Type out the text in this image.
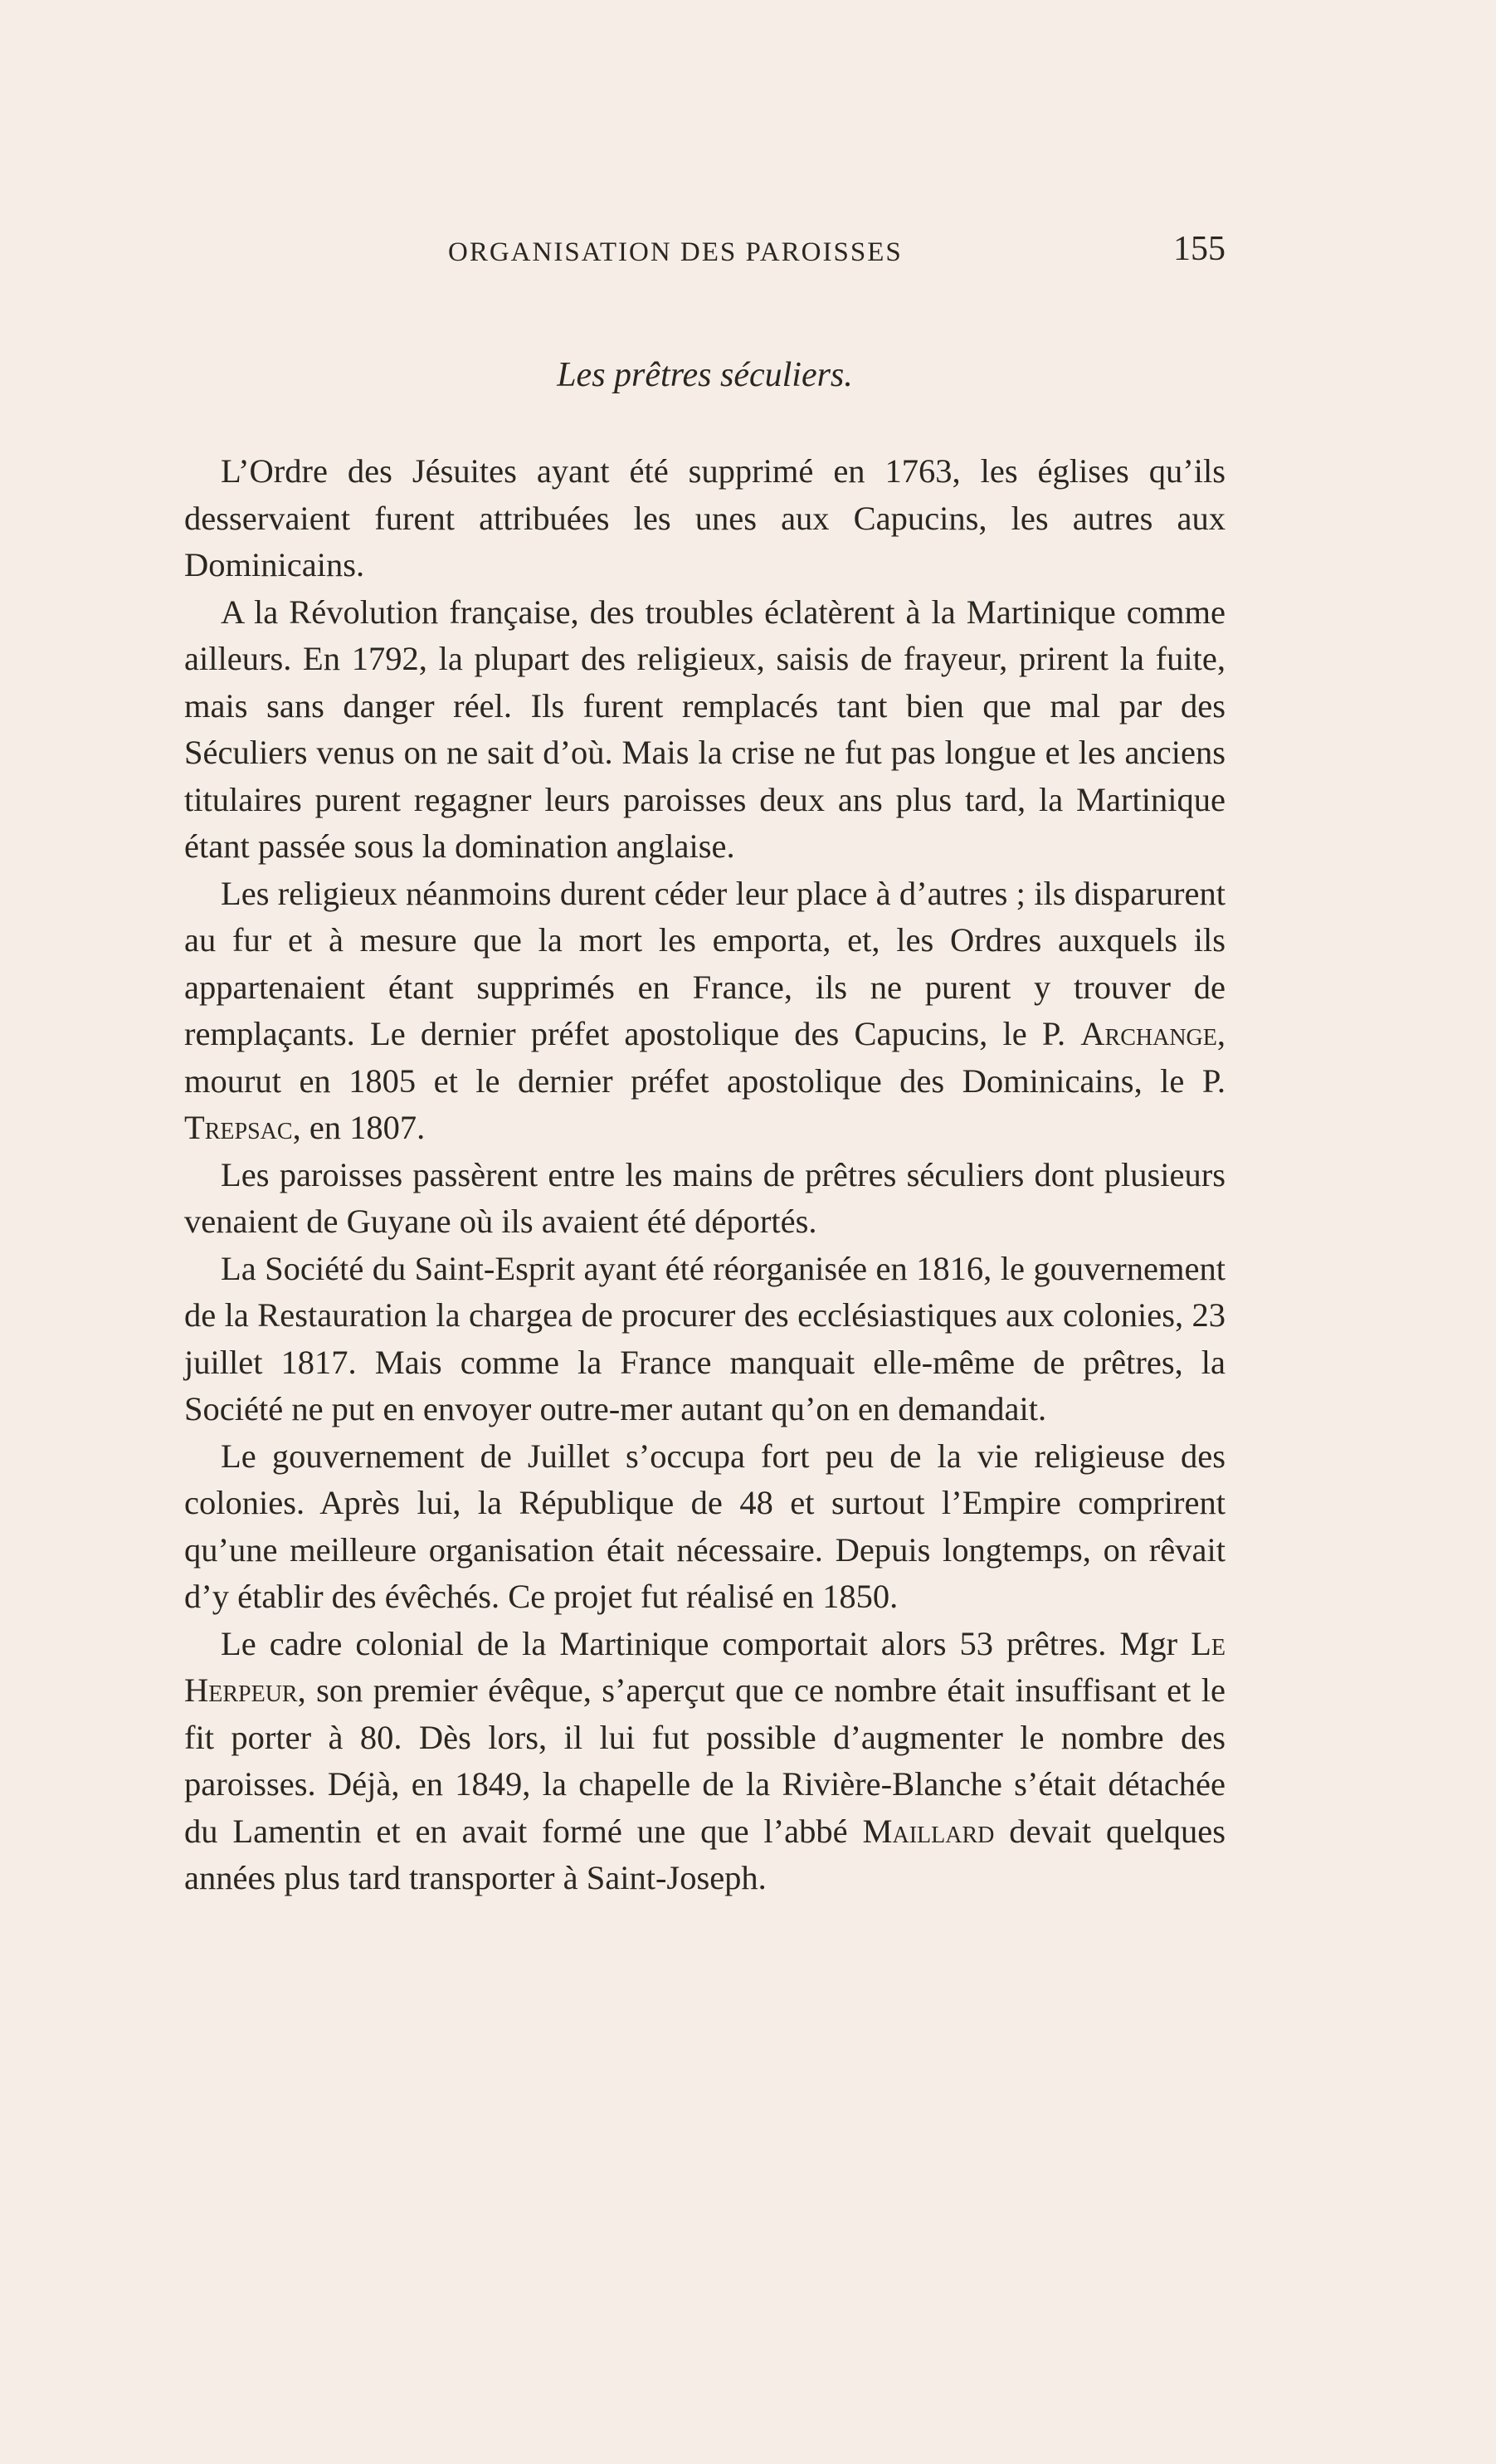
ORGANISATION DES PAROISSES	155
Les prêtres séculiers.

L’Ordre des Jésuites ayant été supprimé en 1763, les églises qu’ils desservaient furent attribuées les unes aux Capucins, les autres aux Dominicains.

A la Révolution française, des troubles éclatèrent à la Martinique comme ailleurs. En 1792, la plupart des religieux, saisis de frayeur, prirent la fuite, mais sans danger réel. Ils furent remplacés tant bien que mal par des Séculiers venus on ne sait d’où. Mais la crise ne fut pas longue et les anciens titulaires purent regagner leurs paroisses deux ans plus tard, la Martinique étant passée sous la domination anglaise.

Les religieux néanmoins durent céder leur place à d’autres ; ils disparurent au fur et à mesure que la mort les emporta, et, les Ordres auxquels ils appartenaient étant supprimés en France, ils ne purent y trouver de remplaçants. Le dernier préfet apostolique des Capucins, le P. Archange, mourut en 1805 et le dernier préfet apostolique des Dominicains, le P. Trepsac, en 1807.

Les paroisses passèrent entre les mains de prêtres séculiers dont plusieurs venaient de Guyane où ils avaient été déportés.

La Société du Saint-Esprit ayant été réorganisée en 1816, le gouvernement de la Restauration la chargea de procurer des ecclésiastiques aux colonies, 23 juillet 1817. Mais comme la France manquait elle-même de prêtres, la Société ne put en envoyer outre-mer autant qu’on en demandait.

Le gouvernement de Juillet s’occupa fort peu de la vie religieuse des colonies. Après lui, la République de 48 et surtout l’Empire comprirent qu’une meilleure organisation était nécessaire. Depuis longtemps, on rêvait d’y établir des évêchés. Ce projet fut réalisé en 1850.

Le cadre colonial de la Martinique comportait alors 53 prêtres. Mgr Le Herpeur, son premier évêque, s’aperçut que ce nombre était insuffisant et le fit porter à 80. Dès lors, il lui fut possible d’augmenter le nombre des paroisses. Déjà, en 1849, la chapelle de la Rivière-Blanche s’était détachée du Lamentin et en avait formé une que l’abbé Maillard devait quelques années plus tard transporter à Saint-Joseph.
